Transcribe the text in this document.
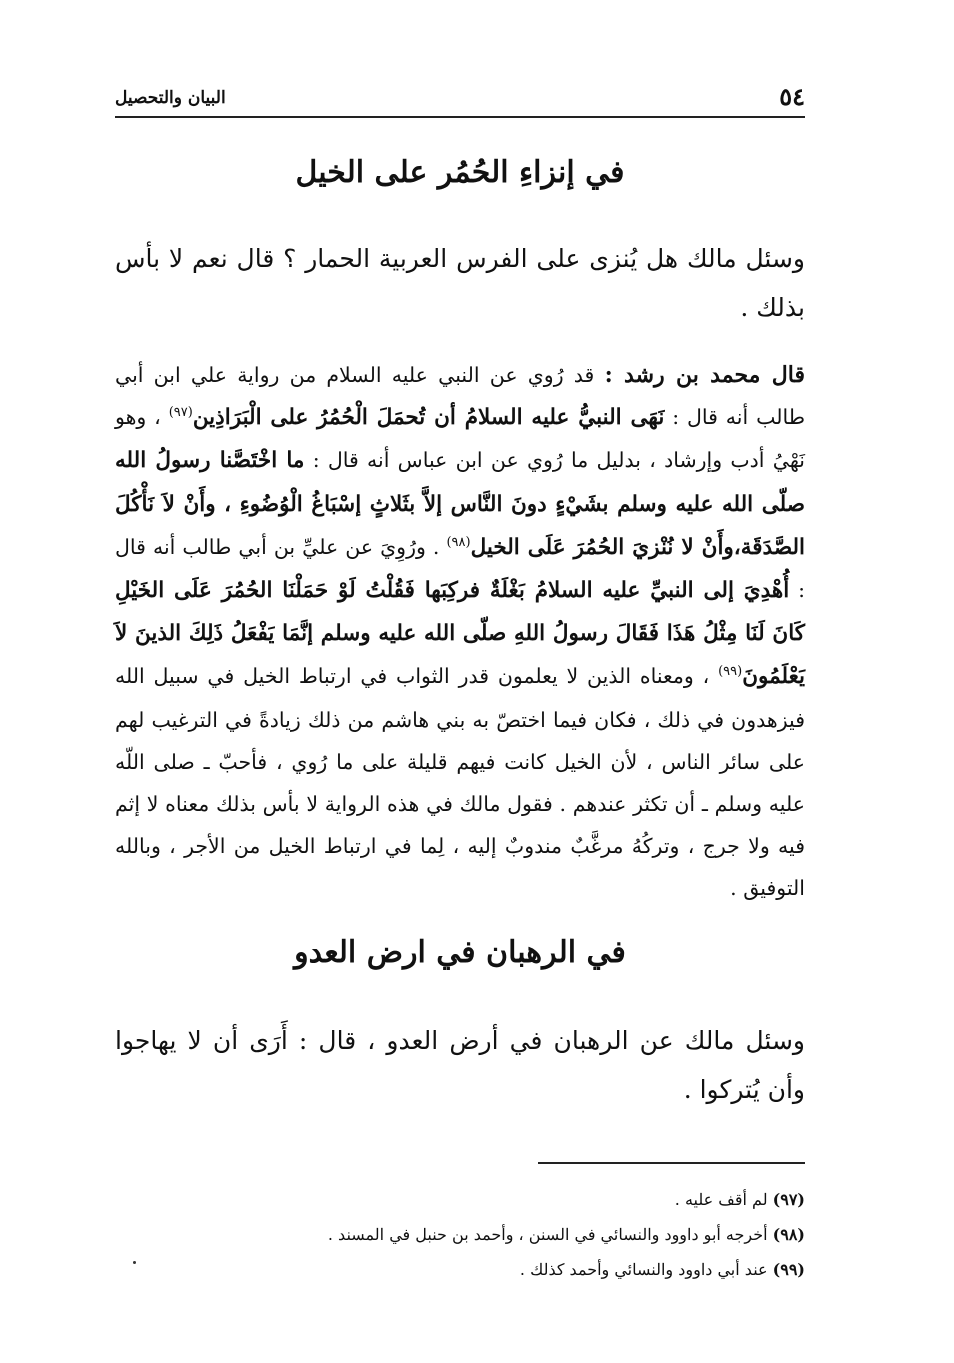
٥٤
البيان والتحصيل
في إنزاءِ الحُمُر على الخيل

وسئل مالك هل يُنزى على الفرس العربية الحمار ؟ قال نعم لا بأس بذلك .

قال محمد بن رشد : قد رُوي عن النبي عليه السلام من رواية علي ابن أبي طالب أنه قال : نَهَى النبيُّ عليه السلامُ أن تُحمَلَ الْحُمُرُ على الْبَرَاذِين$^{(٩٧)}$ ، وهو نَهْيُ أدب وإرشاد ، بدليل ما رُوي عن ابن عباس أنه قال : ما اخْتَصَّنا رسولُ الله صلّى الله عليه وسلم بشَيْءٍ دونَ النَّاس إلاَّ بثَلاثٍ إسْبَاغُ الْوُضُوءِ ، وأَنْ لاَ نَأْكُلَ الصَّدَقَة،وأَنْ لا نُنْزيَ الحُمُرَ عَلَى الخيل$^{(٩٨)}$ . ورُوِيَ عن عليِّ بن أبي طالب أنه قال : أُهْدِيَ إلى النبيِّ عليه السلامُ بَغْلَةٌ فركِبَها فَقُلْتُ لَوْ حَمَلْنَا الحُمُرَ عَلَى الخَيْلِ كَانَ لَنَا مِثْلُ هَذَا فَقَالَ رسولُ اللهِ صلّى الله عليه وسلم إنَّمَا يَفْعَلُ ذَلِكَ الذينَ لاَ يَعْلَمُونَ$^{(٩٩)}$ ، ومعناه الذين لا يعلمون قدر الثواب في ارتباط الخيل في سبيل الله فيزهدون في ذلك ، فكان فيما اختصّ به بني هاشم من ذلك زيادةً في الترغيب لهم على سائر الناس ، لأن الخيل كانت فيهم قليلة على ما رُوي ، فأحبّ ـ صلى اللّه عليه وسلم ـ أن تكثر عندهم . فقول مالك في هذه الرواية لا بأس بذلك معناه لا إثم فيه ولا جرج ، وتركُهُ مرغَّبٌ مندوبٌ إليه ، لِما في ارتباط الخيل من الأجر ، وبالله التوفيق .

في الرهبان في ارض العدو

وسئل مالك عن الرهبان في أرض العدو ، قال : أَرَى أن لا يهاجوا وأن يُتركوا .

(٩٧) لم أقف عليه .
(٩٨) أخرجه أبو داوود والنسائي في السنن ، وأحمد بن حنبل في المسند .
(٩٩) عند أبي داوود والنسائي وأحمد كذلك .
